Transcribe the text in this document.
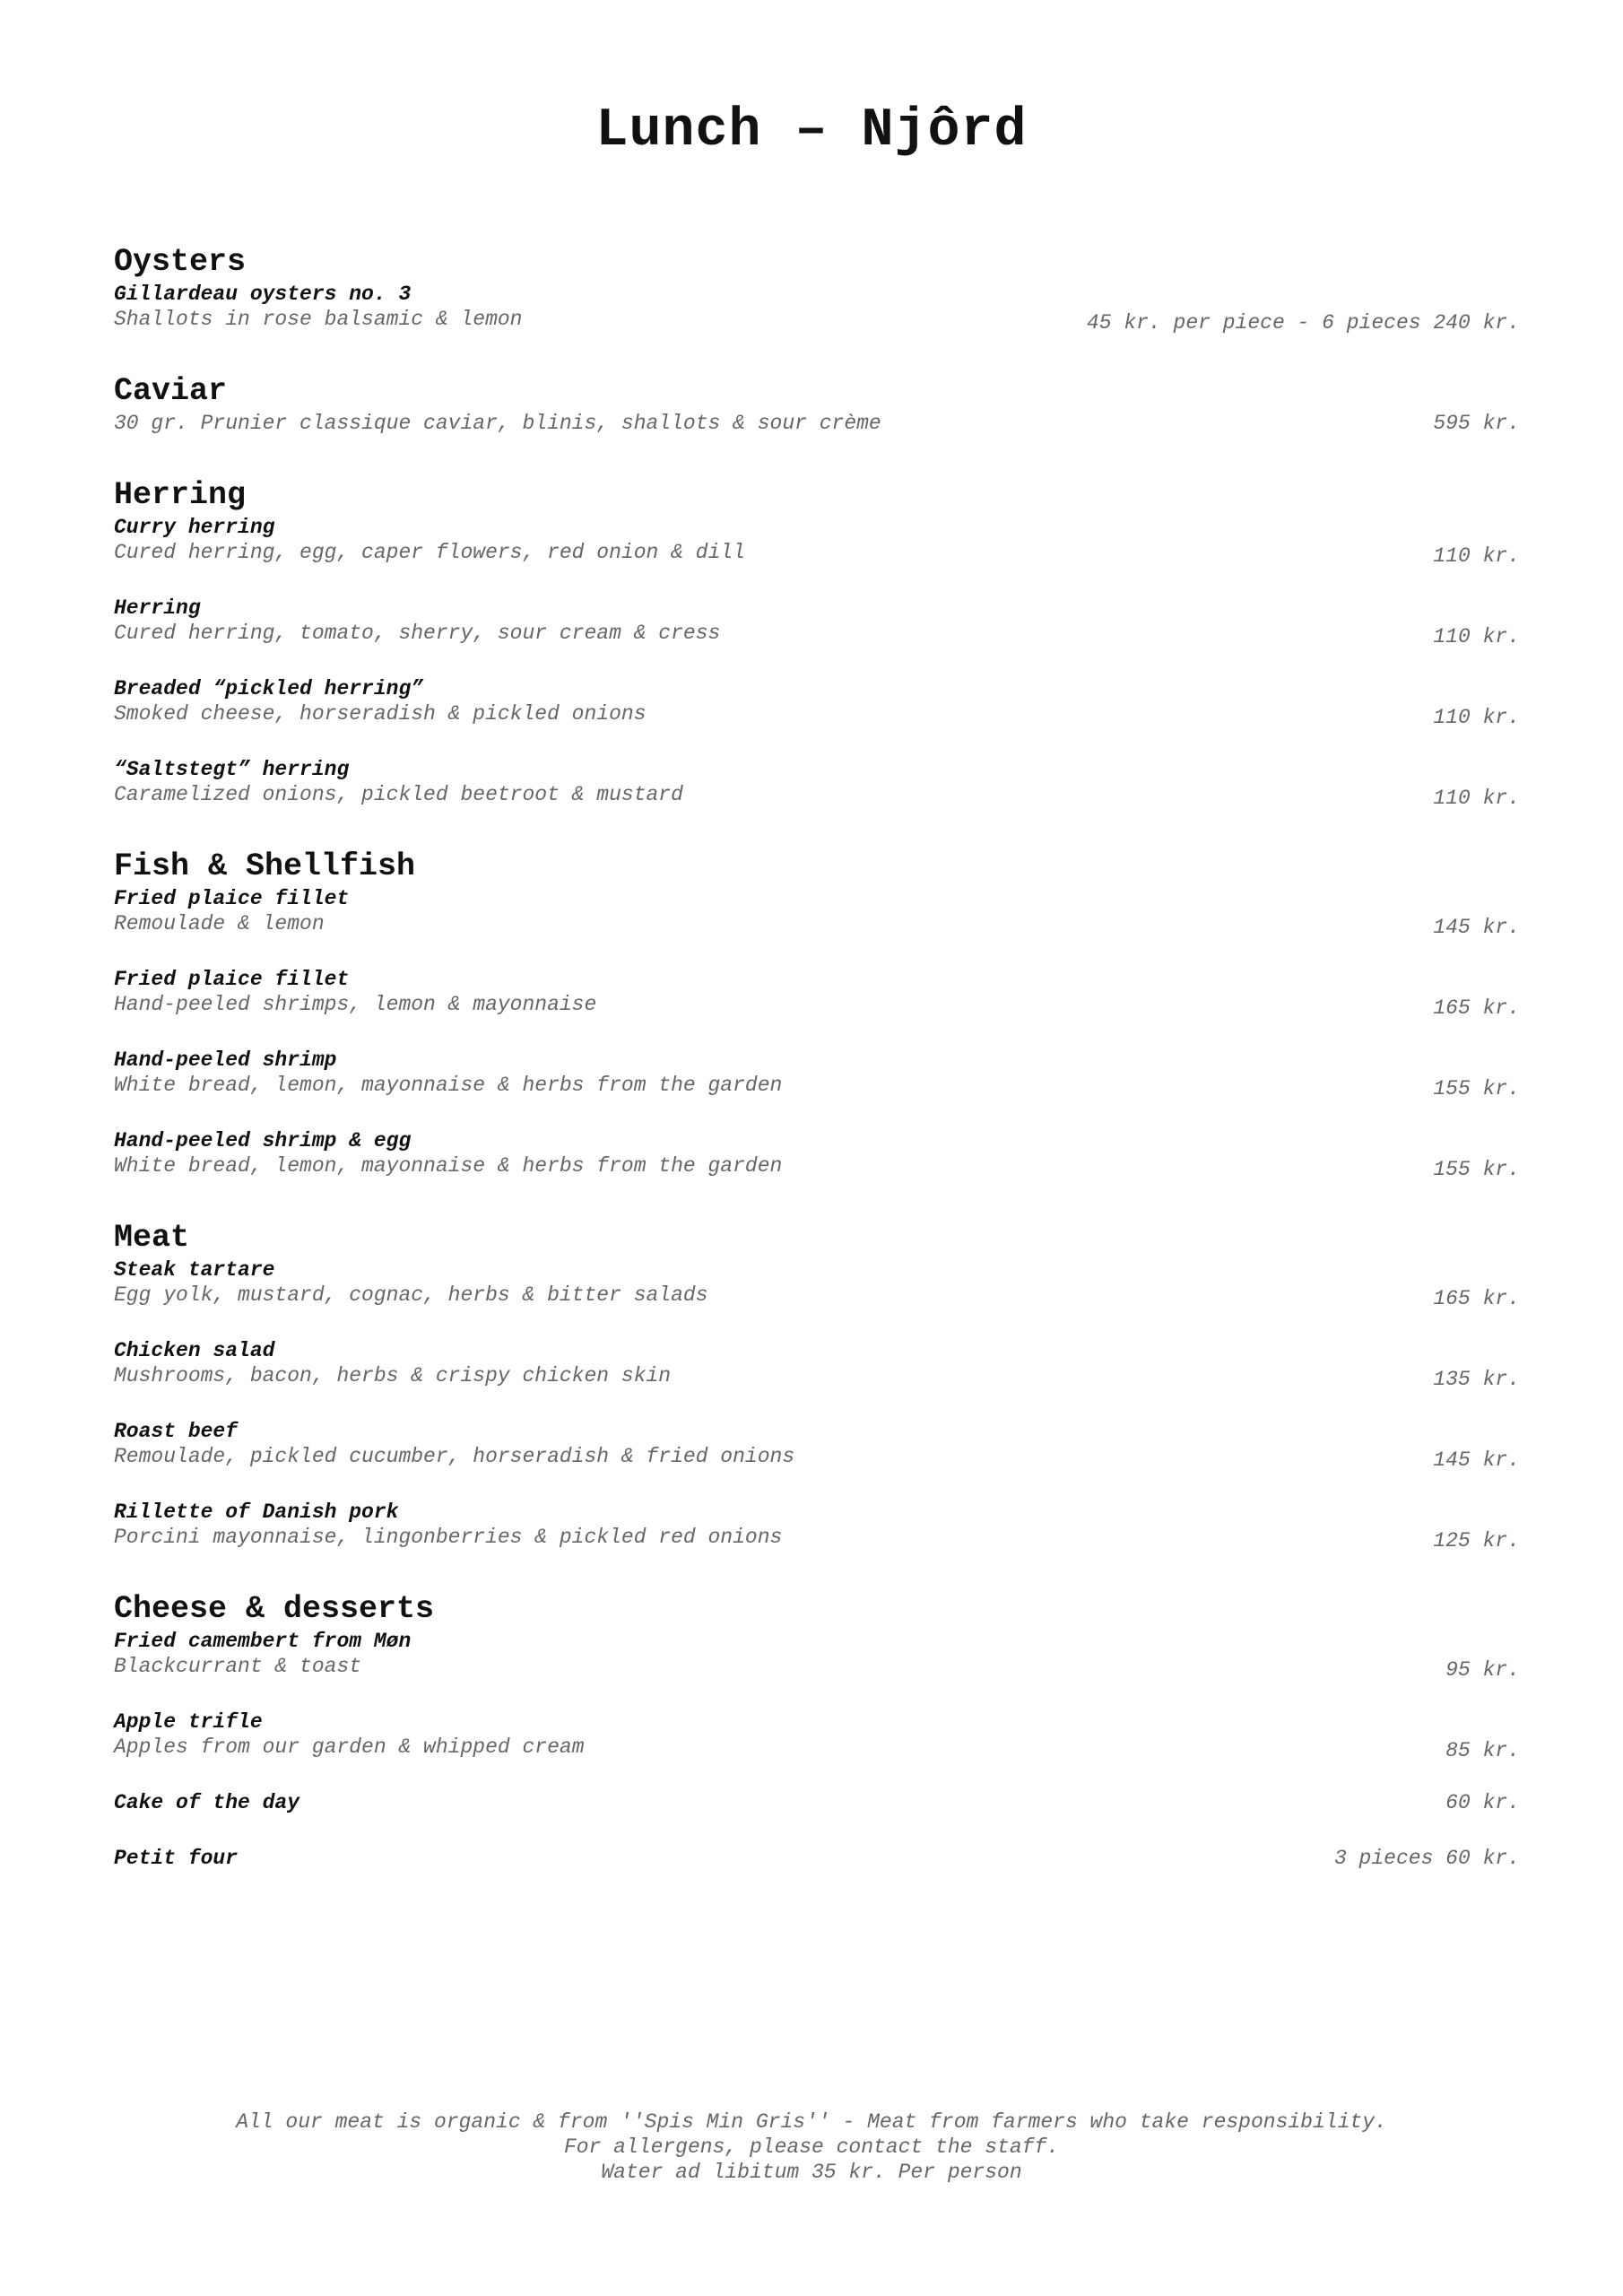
Lunch – Njôrd
Oysters
Gillardeau oysters no. 3
Shallots in rose balsamic & lemon	45 kr. per piece - 6 pieces 240 kr.
Caviar
30 gr. Prunier classique caviar, blinis, shallots & sour crème	595 kr.
Herring
Curry herring
Cured herring, egg, caper flowers, red onion & dill	110 kr.
Herring
Cured herring, tomato, sherry, sour cream & cress	110 kr.
Breaded “pickled herring”
Smoked cheese, horseradish & pickled onions	110 kr.
“Saltstegt” herring
Caramelized onions, pickled beetroot & mustard	110 kr.
Fish & Shellfish
Fried plaice fillet
Remoulade & lemon	145 kr.
Fried plaice fillet
Hand-peeled shrimps, lemon & mayonnaise	165 kr.
Hand-peeled shrimp
White bread, lemon, mayonnaise & herbs from the garden	155 kr.
Hand-peeled shrimp & egg
White bread, lemon, mayonnaise & herbs from the garden	155 kr.
Meat
Steak tartare
Egg yolk, mustard, cognac, herbs & bitter salads	165 kr.
Chicken salad
Mushrooms, bacon, herbs & crispy chicken skin	135 kr.
Roast beef
Remoulade, pickled cucumber, horseradish & fried onions	145 kr.
Rillette of Danish pork
Porcini mayonnaise, lingonberries & pickled red onions	125 kr.
Cheese & desserts
Fried camembert from Møn
Blackcurrant & toast	95 kr.
Apple trifle
Apples from our garden & whipped cream	85 kr.
Cake of the day	60 kr.
Petit four	3 pieces 60 kr.
All our meat is organic & from ''Spis Min Gris'' - Meat from farmers who take responsibility.
For allergens, please contact the staff.
Water ad libitum 35 kr. Per person
